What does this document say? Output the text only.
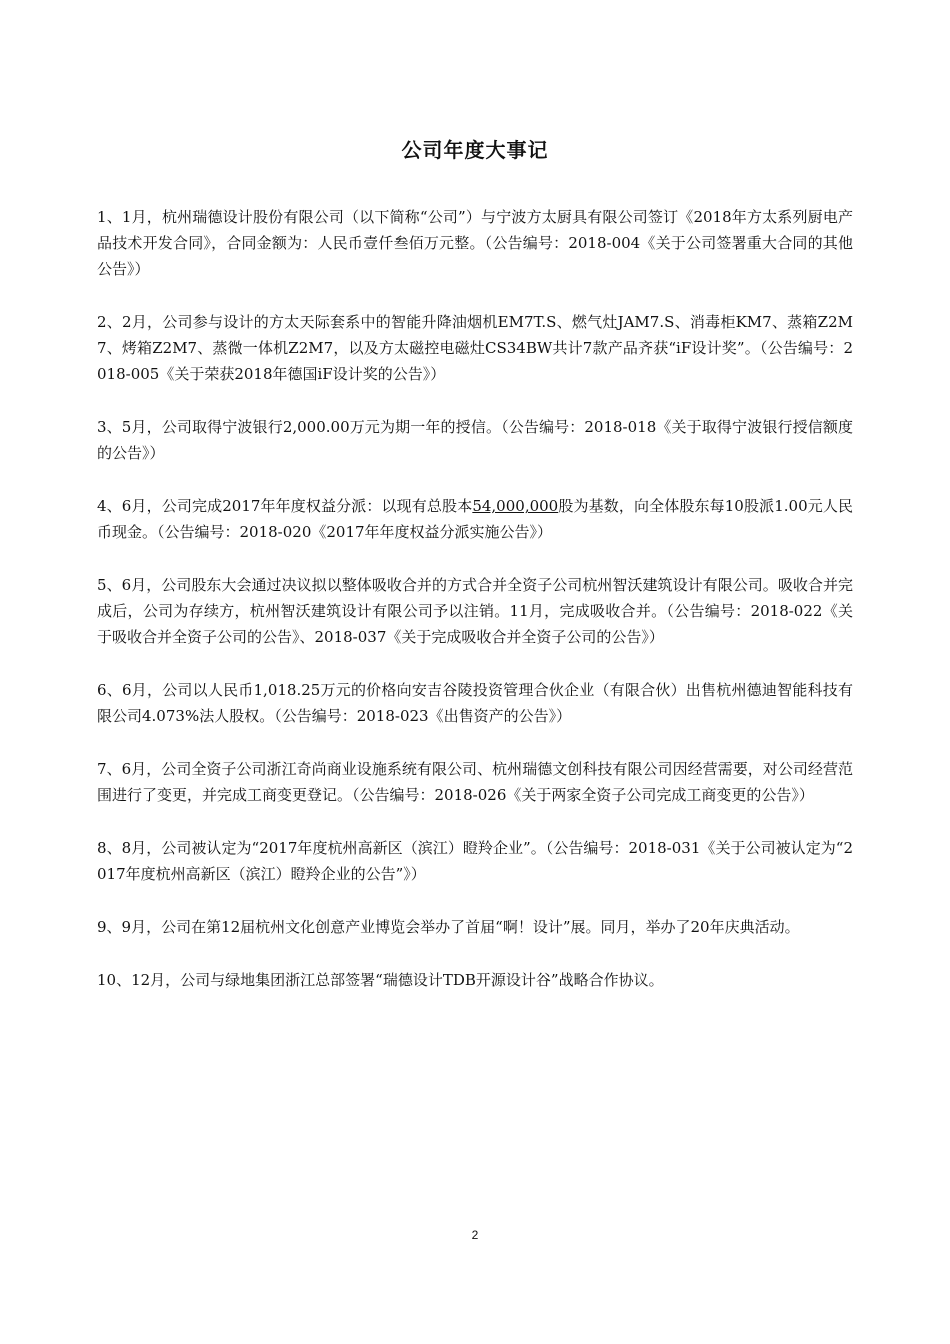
公司年度大事记

1、1月，杭州瑞德设计股份有限公司（以下简称“公司”）与宁波方太厨具有限公司签订《2018年方太系列厨电产品技术开发合同》，合同金额为：人民币壹仟叁佰万元整。（公告编号：2018-004《关于公司签署重大合同的其他公告》）

2、2月，公司参与设计的方太天际套系中的智能升降油烟机EM7T.S、燃气灶JAM7.S、消毒柜KM7、蒸箱Z2M7、烤箱Z2M7、蒸微一体机Z2M7，以及方太磁控电磁灶CS34BW共计7款产品齐获“iF设计奖”。（公告编号：2018-005《关于荣获2018年德国iF设计奖的公告》）

3、5月，公司取得宁波银行2,000.00万元为期一年的授信。（公告编号：2018-018《关于取得宁波银行授信额度的公告》）

4、6月，公司完成2017年年度权益分派：以现有总股本54,000,000股为基数，向全体股东每10股派1.00元人民币现金。（公告编号：2018-020《2017年年度权益分派实施公告》）

5、6月，公司股东大会通过决议拟以整体吸收合并的方式合并全资子公司杭州智沃建筑设计有限公司。吸收合并完成后，公司为存续方，杭州智沃建筑设计有限公司予以注销。11月，完成吸收合并。（公告编号：2018-022《关于吸收合并全资子公司的公告》、2018-037《关于完成吸收合并全资子公司的公告》）

6、6月，公司以人民币1,018.25万元的价格向安吉谷陵投资管理合伙企业（有限合伙）出售杭州德迪智能科技有限公司4.073%法人股权。（公告编号：2018-023《出售资产的公告》）

7、6月，公司全资子公司浙江奇尚商业设施系统有限公司、杭州瑞德文创科技有限公司因经营需要，对公司经营范围进行了变更，并完成工商变更登记。（公告编号：2018-026《关于两家全资子公司完成工商变更的公告》）

8、8月，公司被认定为“2017年度杭州高新区（滨江）瞪羚企业”。（公告编号：2018-031《关于公司被认定为“2017年度杭州高新区（滨江）瞪羚企业的公告”》）

9、9月，公司在第12届杭州文化创意产业博览会举办了首届“啊！设计”展。同月，举办了20年庆典活动。

10、12月，公司与绿地集团浙江总部签署“瑞德设计TDB开源设计谷”战略合作协议。

2
